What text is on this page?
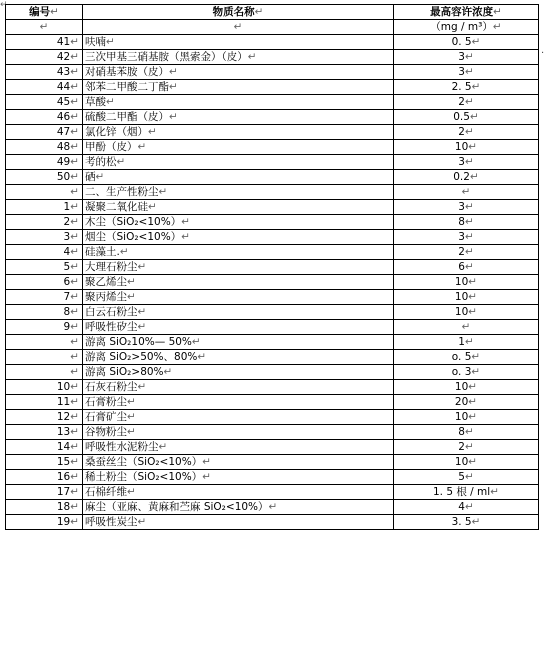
↵
·
编号↵	物质名称↵	最高容许浓度↵
↵	↵	（mg / m³）↵
41↵	呋喃↵	0. 5↵
42↵	三次甲基三硝基胺（黑索金）（皮）↵	3↵
43↵	对硝基苯胺（皮）↵	3↵
44↵	邻苯二甲酸二丁酯↵	2. 5↵
45↵	草酸↵	2↵
46↵	硫酸二甲酯（皮）↵	0.5↵
47↵	氯化锌（烟）↵	2↵
48↵	甲酚（皮）↵	10↵
49↵	考的松↵	3↵
50↵	硒↵	0.2↵
↵	二、生产性粉尘↵	↵
1↵	凝聚二氧化硅↵	3↵
2↵	木尘（SiO₂<10%）↵	8↵
3↵	烟尘（SiO₂<10%）↵	3↵
4↵	硅藻土.↵	2↵
5↵	大理石粉尘↵	6↵
6↵	聚乙烯尘↵	10↵
7↵	聚丙烯尘↵	10↵
8↵	白云石粉尘↵	10↵
9↵	呼吸性矽尘↵	↵
↵	游离 SiO₂10%— 50%↵	1↵
↵	游离 SiO₂>50%、80%↵	o. 5↵
↵	游离 SiO₂>80%↵	o. 3↵
10↵	石灰石粉尘↵	10↵
11↵	石膏粉尘↵	20↵
12↵	石膏矿尘↵	10↵
13↵	谷物粉尘↵	8↵
14↵	呼吸性水泥粉尘↵	2↵
15↵	桑蚕丝尘（SiO₂<10%）↵	10↵
16↵	稀土粉尘（SiO₂<10%）↵	5↵
17↵	石棉纤维↵	1. 5 根 / ml↵
18↵	麻尘（亚麻、黄麻和苎麻 SiO₂<10%）↵	4↵
19↵	呼吸性炭尘↵	3. 5↵
